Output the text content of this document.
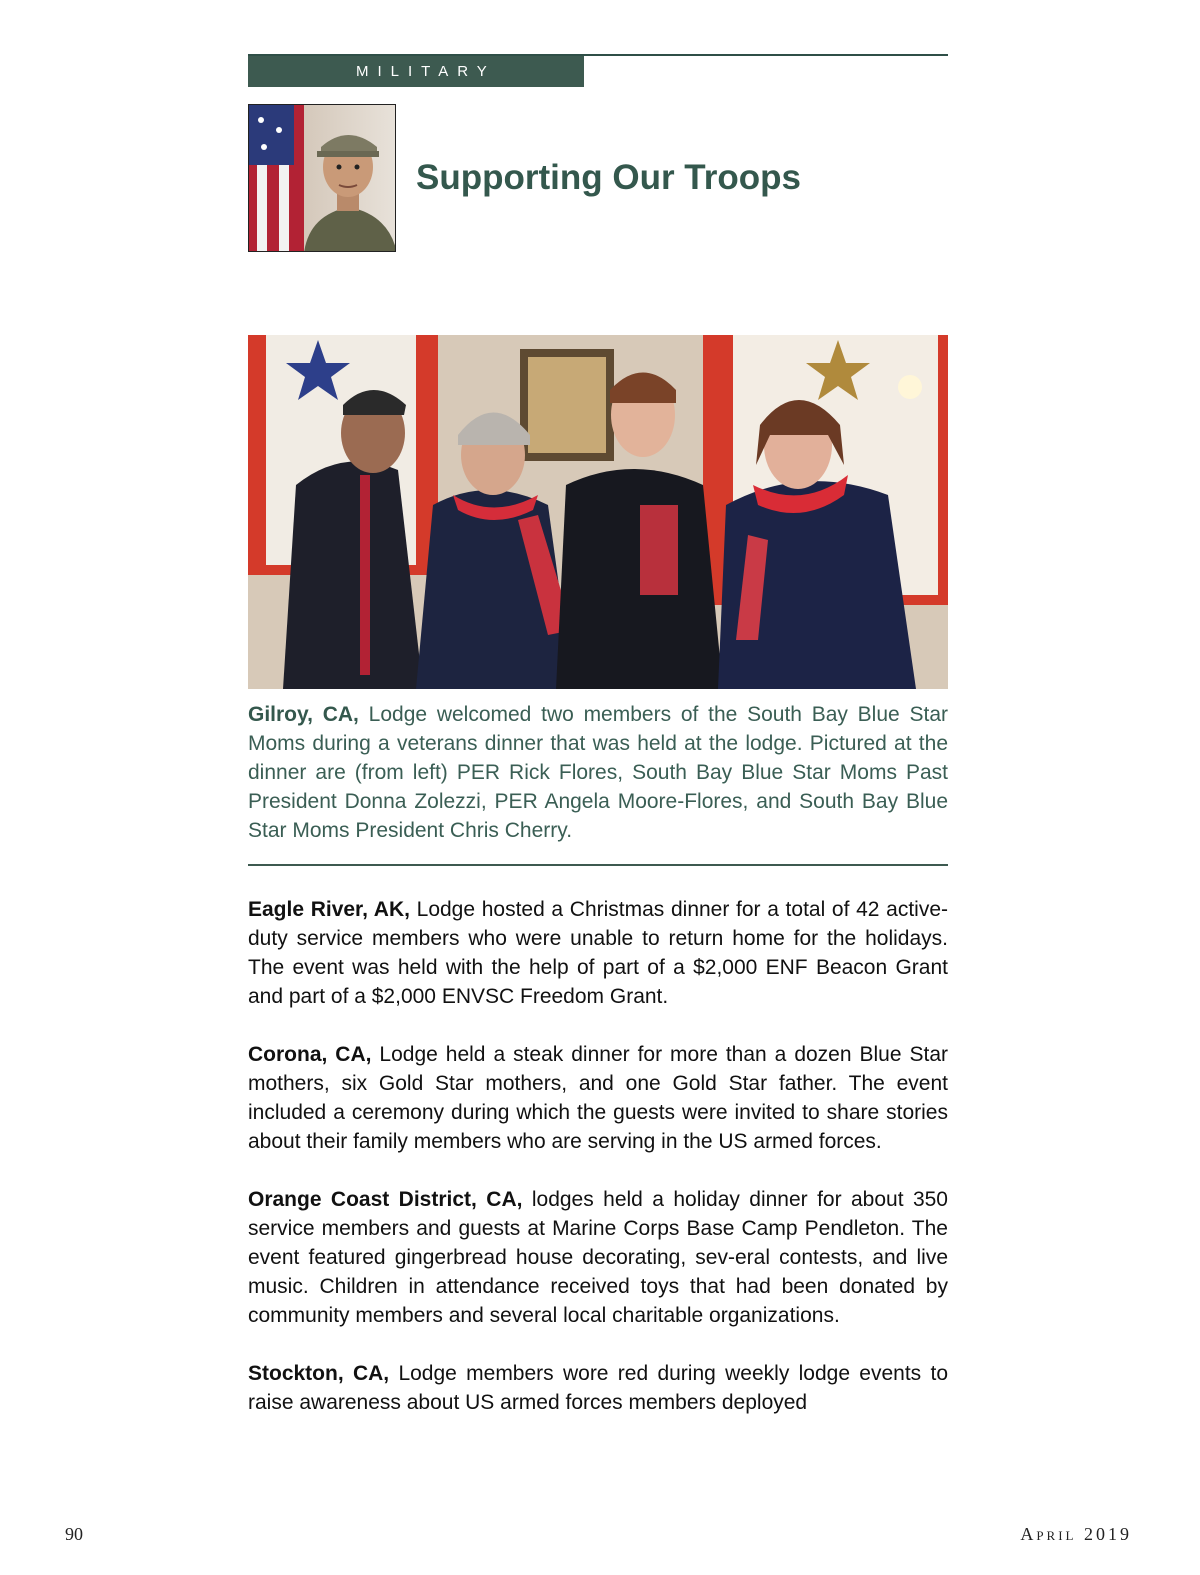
MILITARY
Supporting Our Troops

Gilroy, CA, Lodge welcomed two members of the South Bay Blue Star Moms during a veterans dinner that was held at the lodge. Pictured at the dinner are (from left) PER Rick Flores, South Bay Blue Star Moms Past President Donna Zolezzi, PER Angela Moore-Flores, and South Bay Blue Star Moms President Chris Cherry.

Eagle River, AK, Lodge hosted a Christmas dinner for a total of 42 active-duty service members who were unable to return home for the holidays. The event was held with the help of part of a $2,000 ENF Beacon Grant and part of a $2,000 ENVSC Freedom Grant.

Corona, CA, Lodge held a steak dinner for more than a dozen Blue Star mothers, six Gold Star mothers, and one Gold Star father. The event included a ceremony during which the guests were invited to share stories about their family members who are serving in the US armed forces.

Orange Coast District, CA, lodges held a holiday dinner for about 350 service members and guests at Marine Corps Base Camp Pendleton. The event featured gingerbread house decorating, sev-eral contests, and live music. Children in attendance received toys that had been donated by community members and several local charitable organizations.

Stockton, CA, Lodge members wore red during weekly lodge events to raise awareness about US armed forces members deployed

90	April 2019
